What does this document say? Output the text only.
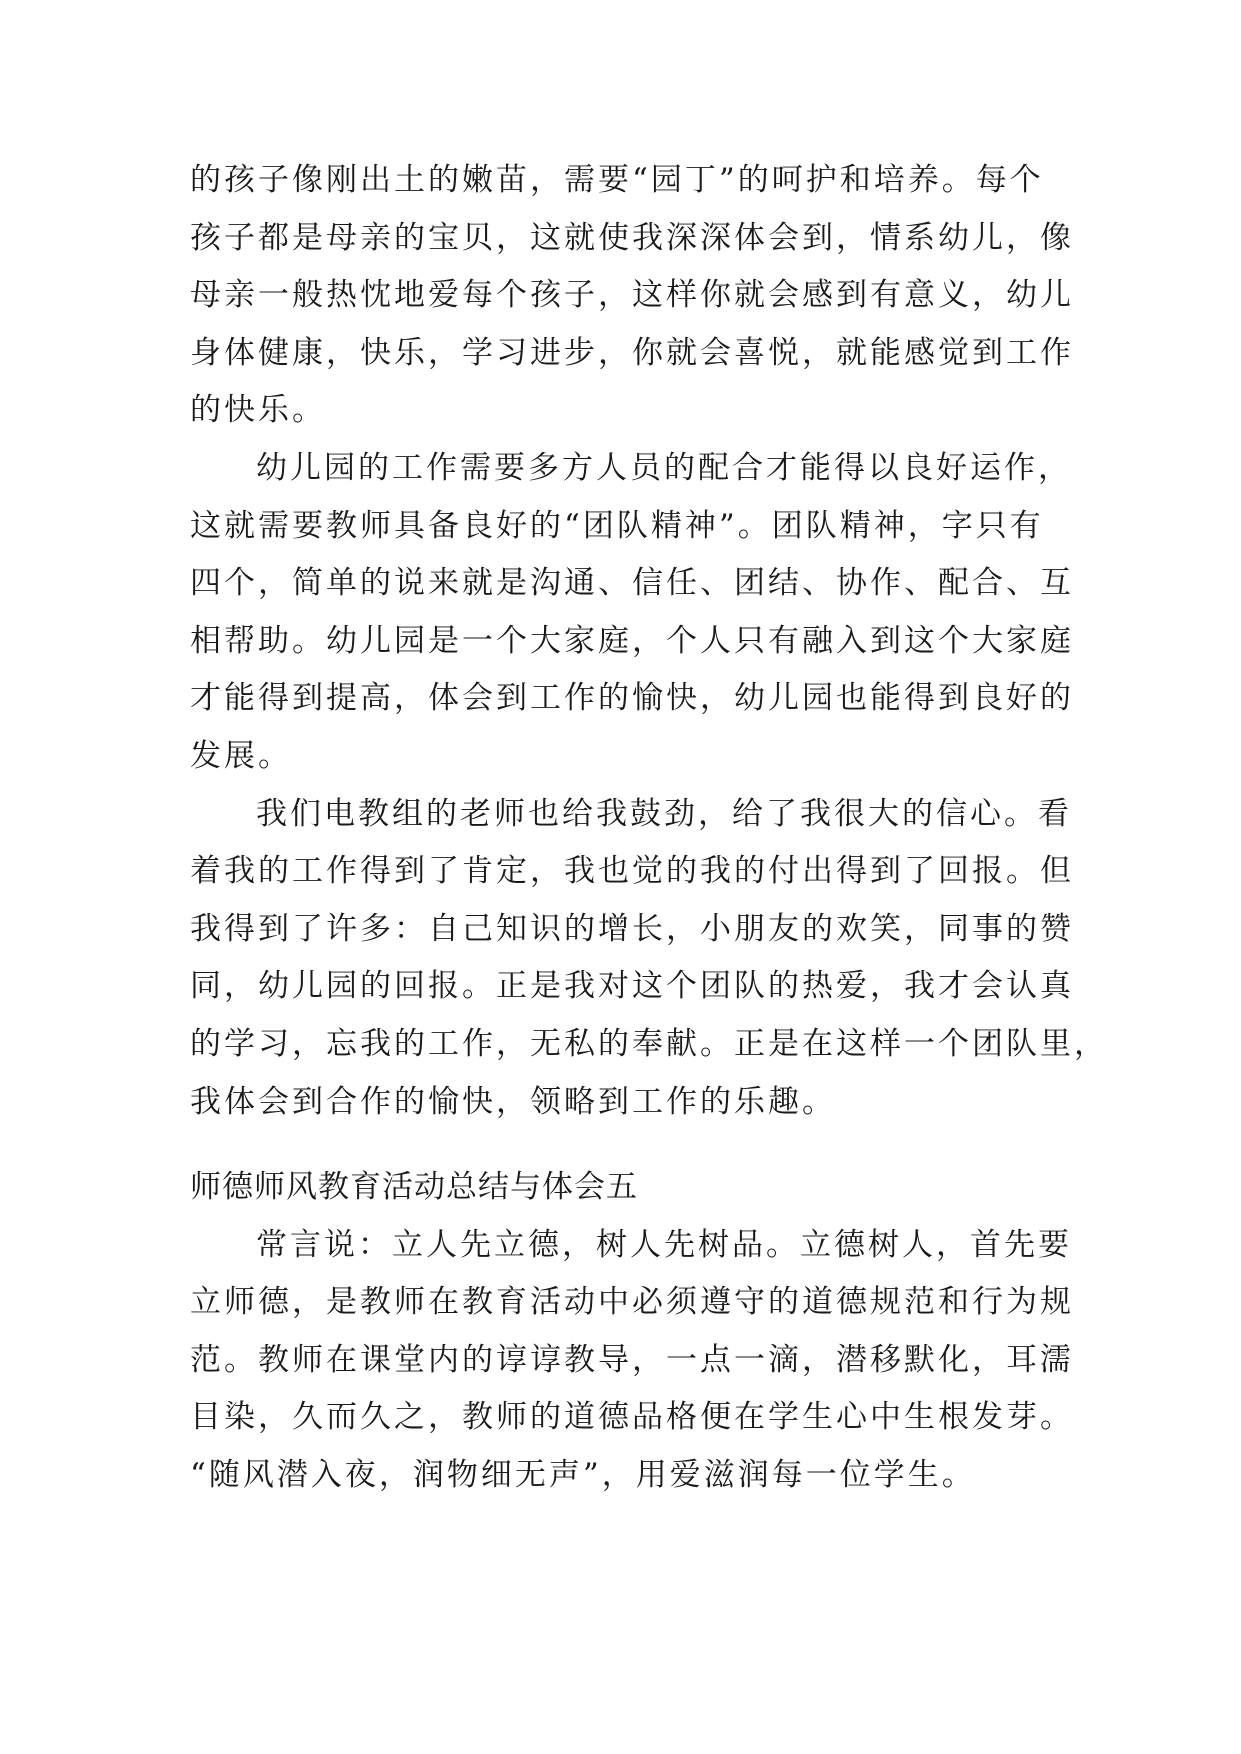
的孩子像刚出土的嫩苗，需要“园丁”的呵护和培养。每个
孩子都是母亲的宝贝，这就使我深深体会到，情系幼儿，像
母亲一般热忱地爱每个孩子，这样你就会感到有意义，幼儿
身体健康，快乐，学习进步，你就会喜悦，就能感觉到工作
的快乐。

幼儿园的工作需要多方人员的配合才能得以良好运作，
这就需要教师具备良好的“团队精神”。团队精神，字只有
四个，简单的说来就是沟通、信任、团结、协作、配合、互
相帮助。幼儿园是一个大家庭，个人只有融入到这个大家庭
才能得到提高，体会到工作的愉快，幼儿园也能得到良好的
发展。

我们电教组的老师也给我鼓劲，给了我很大的信心。看
着我的工作得到了肯定，我也觉的我的付出得到了回报。但
我得到了许多：自己知识的增长，小朋友的欢笑，同事的赞
同，幼儿园的回报。正是我对这个团队的热爱，我才会认真
的学习，忘我的工作，无私的奉献。正是在这样一个团队里，
我体会到合作的愉快，领略到工作的乐趣。

师德师风教育活动总结与体会五

常言说：立人先立德，树人先树品。立德树人，首先要
立师德，是教师在教育活动中必须遵守的道德规范和行为规
范。教师在课堂内的谆谆教导，一点一滴，潜移默化，耳濡
目染，久而久之，教师的道德品格便在学生心中生根发芽。
“随风潜入夜，润物细无声”，用爱滋润每一位学生。
